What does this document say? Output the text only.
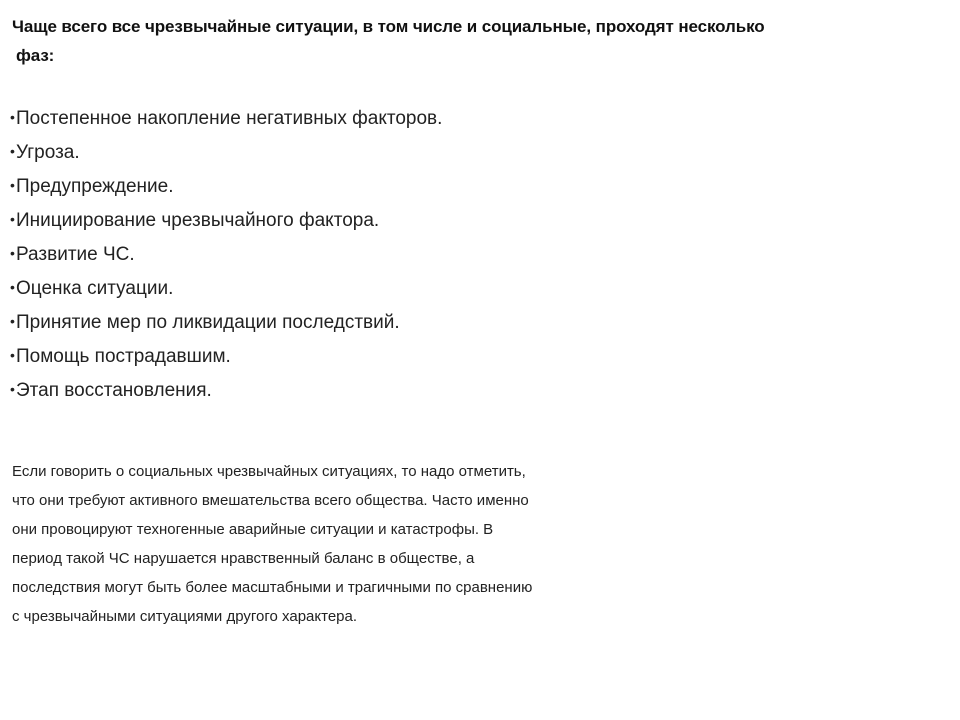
Чаще всего все чрезвычайные ситуации, в том числе и социальные, проходят несколько
фаз:
• Постепенное накопление негативных факторов.
• Угроза.
• Предупреждение.
• Инициирование чрезвычайного фактора.
• Развитие ЧС.
• Оценка ситуации.
• Принятие мер по ликвидации последствий.
• Помощь пострадавшим.
• Этап восстановления.

Если говорить о социальных чрезвычайных ситуациях, то надо отметить,
что они требуют активного вмешательства всего общества. Часто именно
они провоцируют техногенные аварийные ситуации и катастрофы. В
период такой ЧС нарушается нравственный баланс в обществе, а
последствия могут быть более масштабными и трагичными по сравнению
с чрезвычайными ситуациями другого характера.
